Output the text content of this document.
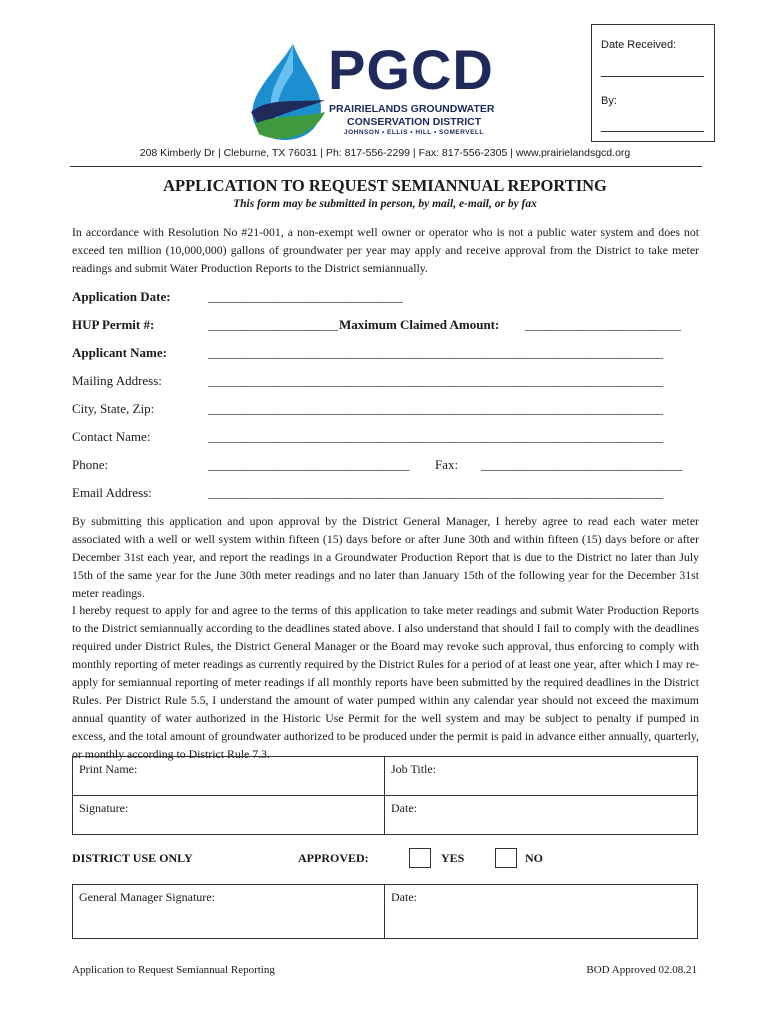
Date Received:
By:
PGCD
PRAIRIELANDS GROUNDWATER
CONSERVATION DISTRICT
JOHNSON • ELLIS • HILL • SOMERVELL
208 Kimberly Dr | Cleburne, TX 76031 | Ph: 817-556-2299 | Fax: 817-556-2305 | www.prairielandsgcd.org
APPLICATION TO REQUEST SEMIANNUAL REPORTING
This form may be submitted in person, by mail, e-mail, or by fax
In accordance with Resolution No #21-001, a non-exempt well owner or operator who is not a public water system and does not exceed ten million (10,000,000) gallons of groundwater per year may apply and receive approval from the District to take meter readings and submit Water Production Reports to the District semiannually.
Application Date:	______________________________
HUP Permit #:	____________________ Maximum Claimed Amount: ________________________
Applicant Name:	______________________________________________________________________
Mailing Address:	______________________________________________________________________
City, State, Zip:	______________________________________________________________________
Contact Name:	______________________________________________________________________
Phone:	_______________________________	Fax: _______________________________
Email Address:	______________________________________________________________________
By submitting this application and upon approval by the District General Manager, I hereby agree to read each water meter associated with a well or well system within fifteen (15) days before or after June 30th and within fifteen (15) days before or after December 31st each year, and report the readings in a Groundwater Production Report that is due to the District no later than July 15th of the same year for the June 30th meter readings and no later than January 15th of the following year for the December 31st meter readings.
I hereby request to apply for and agree to the terms of this application to take meter readings and submit Water Production Reports to the District semiannually according to the deadlines stated above. I also understand that should I fail to comply with the deadlines required under District Rules, the District General Manager or the Board may revoke such approval, thus enforcing to comply with monthly reporting of meter readings as currently required by the District Rules for a period of at least one year, after which I may re-apply for semiannual reporting of meter readings if all monthly reports have been submitted by the required deadlines in the District Rules. Per District Rule 5.5, I understand the amount of water pumped within any calendar year should not exceed the maximum annual quantity of water authorized in the Historic Use Permit for the well system and may be subject to penalty if pumped in excess, and the total amount of groundwater authorized to be produced under the permit is paid in advance either annually, quarterly, or monthly according to District Rule 7.3.
Print Name:	Job Title:
Signature:	Date:
DISTRICT USE ONLY	APPROVED:	YES	NO
General Manager Signature:	Date:
Application to Request Semiannual Reporting	BOD Approved 02.08.21
